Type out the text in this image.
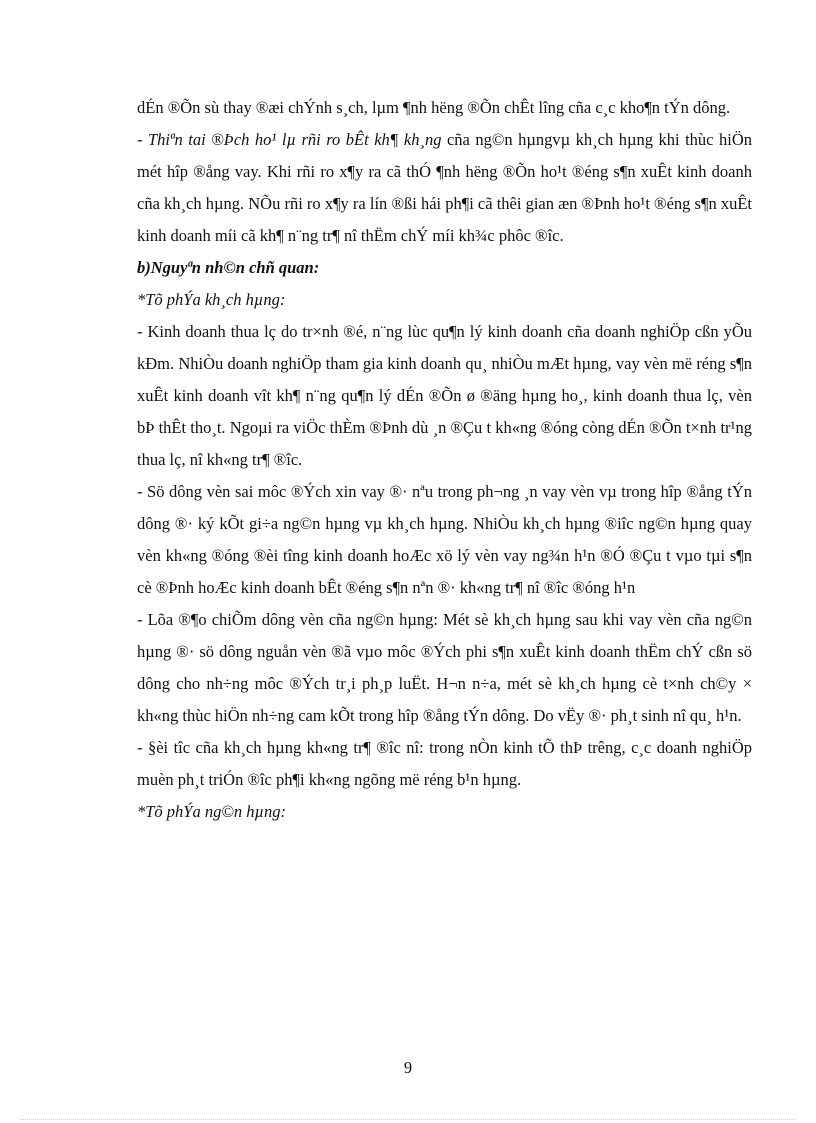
dÉn ®Õn sù thay ®æi chÝnh s¸ch, lµm ¶nh hëng ®Õn chÊt lîng cña c¸c kho¶n tÝn dông.

- Thiªn tai ®Þch ho¹ lµ rñi ro bÊt kh¶ kh¸ng cña ng©n hµngvµ kh¸ch hµng khi thùc hiÖn mét hîp ®ång vay. Khi rñi ro x¶y ra cã thÓ ¶nh hëng ®Õn ho¹t ®éng s¶n xuÊt kinh doanh cña kh¸ch hµng. NÕu rñi ro x¶y ra lín ®ßi hái ph¶i cã thêi gian æn ®Þnh ho¹t ®éng s¶n xuÊt kinh doanh míi cã kh¶ n¨ng tr¶ nî thËm chÝ míi kh¾c phôc ®îc.

b)Nguyªn nh©n chñ quan:

*Tõ phÝa kh¸ch hµng:

- Kinh doanh thua lç do tr×nh ®é, n¨ng lùc qu¶n lý kinh doanh cña doanh nghiÖp cßn yÕu kÐm. NhiÒu doanh nghiÖp tham gia kinh doanh qu¸ nhiÒu mÆt hµng, vay vèn më réng s¶n xuÊt kinh doanh vît kh¶ n¨ng qu¶n lý dÉn ®Õn ø ®äng hµng ho¸, kinh doanh thua lç, vèn bÞ thÊt tho¸t. Ngoµi ra viÖc thÈm ®Þnh dù ¸n ®Çu t kh«ng ®óng còng dÉn ®Õn t×nh tr¹ng thua lç, nî kh«ng tr¶ ®îc.

- Sö dông vèn sai môc ®Ých xin vay ®· nªu trong ph¬ng ¸n vay vèn vµ trong hîp ®ång tÝn dông ®· ký kÕt gi÷a ng©n hµng vµ kh¸ch hµng. NhiÒu kh¸ch hµng ®iîc ng©n hµng quay vèn kh«ng ®óng ®èi tîng kinh doanh hoÆc xö lý vèn vay ng¾n h¹n ®Ó ®Çu t vµo tµi s¶n cè ®Þnh hoÆc kinh doanh bÊt ®éng s¶n nªn ®· kh«ng tr¶ nî ®îc ®óng h¹n

- Lõa ®¶o chiÕm dông vèn cña ng©n hµng: Mét sè kh¸ch hµng sau khi vay vèn cña ng©n hµng ®· sö dông nguån vèn ®ã vµo môc ®Ých phi s¶n xuÊt kinh doanh thËm chÝ cßn sö dông cho nh÷ng môc ®Ých tr¸i ph¸p luËt. H¬n n÷a, mét sè kh¸ch hµng cè t×nh ch©y × kh«ng thùc hiÖn nh÷ng cam kÕt trong hîp ®ång tÝn dông. Do vËy ®· ph¸t sinh nî qu¸ h¹n.

- §èi tîc cña kh¸ch hµng kh«ng tr¶ ®îc nî: trong nÒn kinh tÕ thÞ trêng, c¸c doanh nghiÖp muèn ph¸t triÓn ®îc ph¶i kh«ng ngõng më réng b¹n hµng.

*Tõ phÝa ng©n hµng:

9
